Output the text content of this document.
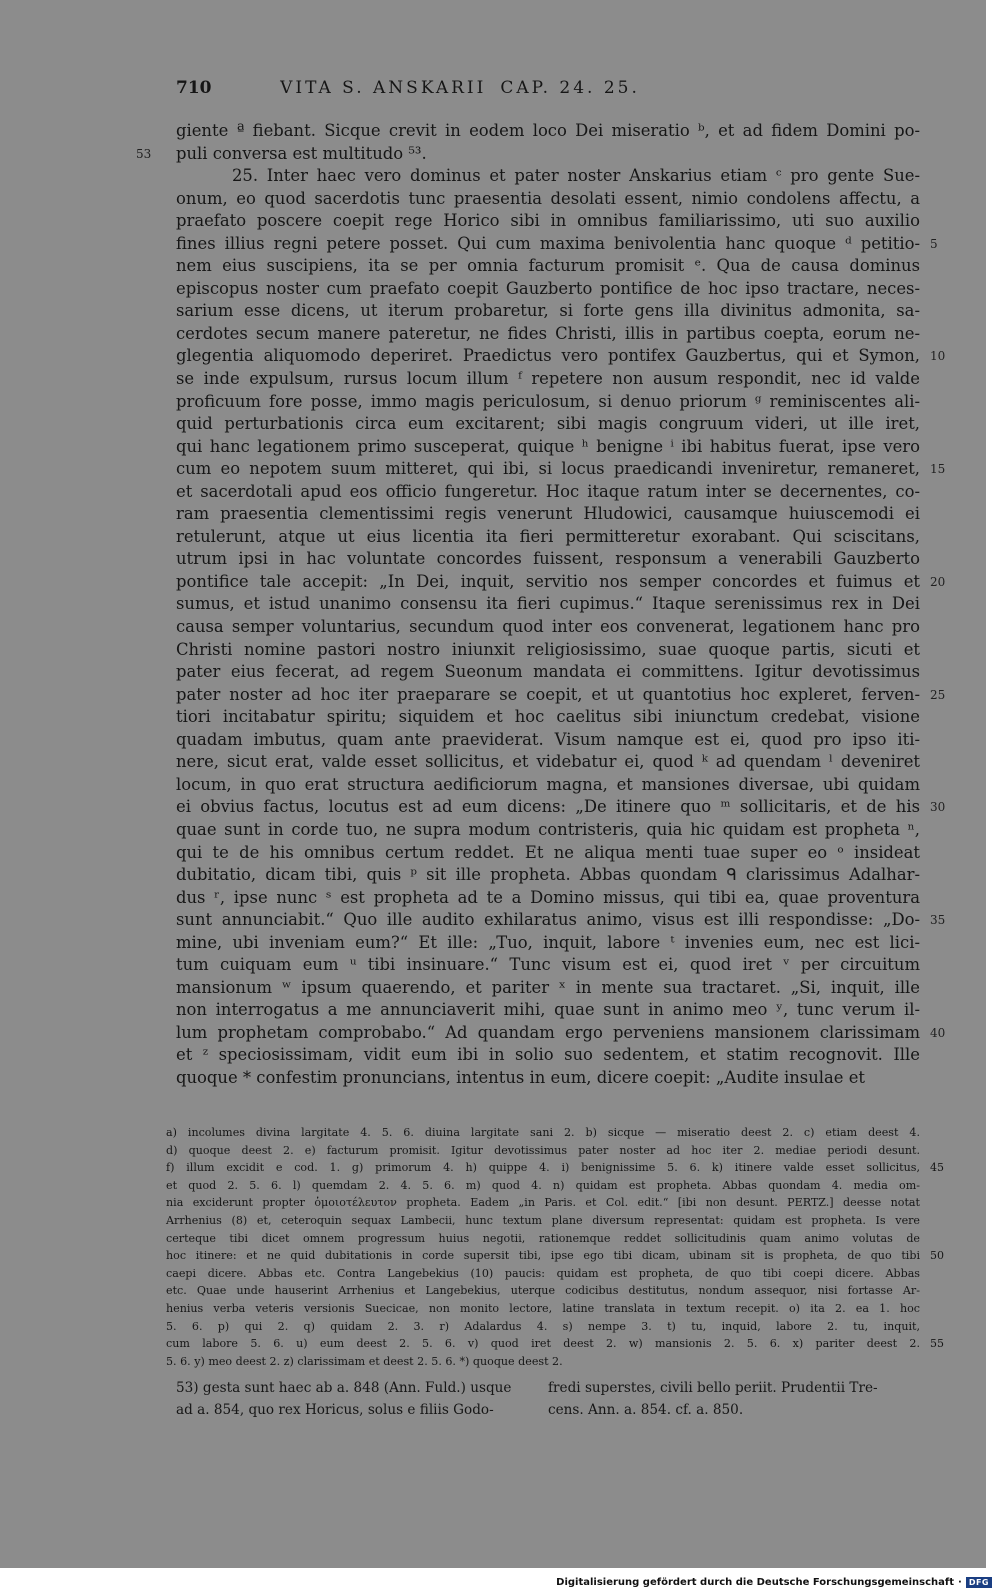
710	VITA S. ANSKARII CAP. 24. 25.
giente ª fiebant. Sicque crevit in eodem loco Dei miseratio ᵇ, et ad fidem Domini po-
puli conversa est multitudo ⁵³.
53
25. Inter haec vero dominus et pater noster Anskarius etiam ᶜ pro gente Sue-
onum, eo quod sacerdotis tunc praesentia desolati essent, nimio condolens affectu, a
praefato poscere coepit rege Horico sibi in omnibus familiarissimo, uti suo auxilio
fines illius regni petere posset. Qui cum maxima benivolentia hanc quoque ᵈ petitio- 5
nem eius suscipiens, ita se per omnia facturum promisit ᵉ. Qua de causa dominus
episcopus noster cum praefato coepit Gauzberto pontifice de hoc ipso tractare, neces-
sarium esse dicens, ut iterum probaretur, si forte gens illa divinitus admonita, sa-
cerdotes secum manere pateretur, ne fides Christi, illis in partibus coepta, eorum ne-
glegentia aliquomodo deperiret. Praedictus vero pontifex Gauzbertus, qui et Symon, 10
se inde expulsum, rursus locum illum ᶠ repetere non ausum respondit, nec id valde
proficuum fore posse, immo magis periculosum, si denuo priorum ᵍ reminiscentes ali-
quid perturbationis circa eum excitarent; sibi magis congruum videri, ut ille iret,
qui hanc legationem primo susceperat, quique ʰ benigne ⁱ ibi habitus fuerat, ipse vero
cum eo nepotem suum mitteret, qui ibi, si locus praedicandi inveniretur, remaneret, 15
et sacerdotali apud eos officio fungeretur. Hoc itaque ratum inter se decernentes, co-
ram praesentia clementissimi regis venerunt Hludowici, causamque huiuscemodi ei
retulerunt, atque ut eius licentia ita fieri permitteretur exorabant. Qui sciscitans,
utrum ipsi in hac voluntate concordes fuissent, responsum a venerabili Gauzberto
pontifice tale accepit: „In Dei, inquit, servitio nos semper concordes et fuimus et 20
sumus, et istud unanimo consensu ita fieri cupimus.“ Itaque serenissimus rex in Dei
causa semper voluntarius, secundum quod inter eos convenerat, legationem hanc pro
Christi nomine pastori nostro iniunxit religiosissimo, suae quoque partis, sicuti et
pater eius fecerat, ad regem Sueonum mandata ei committens. Igitur devotissimus
pater noster ad hoc iter praeparare se coepit, et ut quantotius hoc expleret, ferven- 25
tiori incitabatur spiritu; siquidem et hoc caelitus sibi iniunctum credebat, visione
quadam imbutus, quam ante praeviderat. Visum namque est ei, quod pro ipso iti-
nere, sicut erat, valde esset sollicitus, et videbatur ei, quod ᵏ ad quendam ˡ deveniret
locum, in quo erat structura aedificiorum magna, et mansiones diversae, ubi quidam
ei obvius factus, locutus est ad eum dicens: „De itinere quo ᵐ sollicitaris, et de his 30
quae sunt in corde tuo, ne supra modum contristeris, quia hic quidam est propheta ⁿ,
qui te de his omnibus certum reddet. Et ne aliqua menti tuae super eo ᵒ insideat
dubitatio, dicam tibi, quis ᵖ sit ille propheta. Abbas quondam ᑫ clarissimus Adalhar-
dus ʳ, ipse nunc ˢ est propheta ad te a Domino missus, qui tibi ea, quae proventura
sunt annunciabit.“ Quo ille audito exhilaratus animo, visus est illi respondisse: „Do- 35
mine, ubi inveniam eum?“ Et ille: „Tuo, inquit, labore ᵗ invenies eum, nec est lici-
tum cuiquam eum ᵘ tibi insinuare.“ Tunc visum est ei, quod iret ᵛ per circuitum
mansionum ʷ ipsum quaerendo, et pariter ˣ in mente sua tractaret. „Si, inquit, ille
non interrogatus a me annunciaverit mihi, quae sunt in animo meo ʸ, tunc verum il-
lum prophetam comprobabo.“ Ad quandam ergo perveniens mansionem clarissimam 40
et ᶻ speciosissimam, vidit eum ibi in solio suo sedentem, et statim recognovit. Ille
quoque * confestim pronuncians, intentus in eum, dicere coepit: „Audite insulae et
a) incolumes divina largitate 4. 5. 6. diuina largitate sani 2. b) sicque — miseratio deest 2. c) etiam deest 4.
d) quoque deest 2. e) facturum promisit. Igitur devotissimus pater noster ad hoc iter 2. mediae periodi desunt.
f) illum excidit e cod. 1. g) primorum 4. h) quippe 4. i) benignissime 5. 6. k) itinere valde esset sollicitus, 45
et quod 2. 5. 6. l) quemdam 2. 4. 5. 6. m) quod 4. n) quidam est propheta. Abbas quondam 4. media om-
nia exciderunt propter ὁμοιοτέλευτον propheta. Eadem „in Paris. et Col. edit.“ [ibi non desunt. PERTZ.] deesse notat
Arrhenius (8) et, ceteroquin sequax Lambecii, hunc textum plane diversum representat: quidam est propheta. Is vere
certeque tibi dicet omnem progressum huius negotii, rationemque reddet sollicitudinis quam animo volutas de
hoc itinere: et ne quid dubitationis in corde supersit tibi, ipse ego tibi dicam, ubinam sit is propheta, de quo tibi 50
caepi dicere. Abbas etc. Contra Langebekius (10) paucis: quidam est propheta, de quo tibi coepi dicere. Abbas
etc. Quae unde hauserint Arrhenius et Langebekius, uterque codicibus destitutus, nondum assequor, nisi fortasse Ar-
henius verba veteris versionis Suecicae, non monito lectore, latine translata in textum recepit. o) ita 2. ea 1. hoc
5. 6. p) qui 2. q) quidam 2. 3. r) Adalardus 4. s) nempe 3. t) tu, inquid, labore 2. tu, inquit,
cum labore 5. 6. u) eum deest 2. 5. 6. v) quod iret deest 2. w) mansionis 2. 5. 6. x) pariter deest 2. 55
5. 6. y) meo deest 2. z) clarissimam et deest 2. 5. 6. *) quoque deest 2.
53) gesta sunt haec ab a. 848 (Ann. Fuld.) usque
ad a. 854, quo rex Horicus, solus e filiis Godo-
fredi superstes, civili bello periit. Prudentii Tre-
cens. Ann. a. 854. cf. a. 850.
Digitalisierung gefördert durch die Deutsche Forschungsgemeinschaft · DFG
